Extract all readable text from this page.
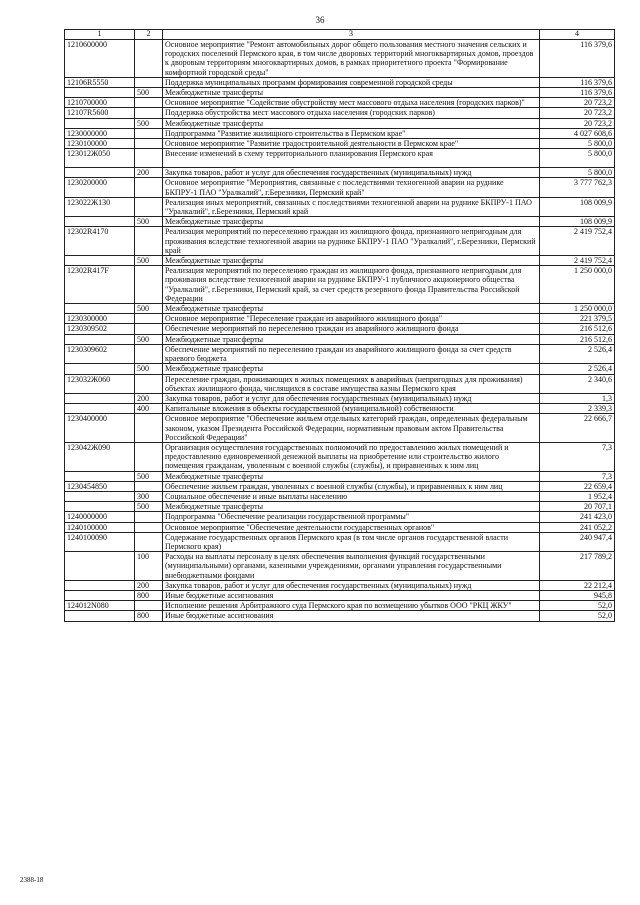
36
1	2	3	4
1210600000		Основное мероприятие "Ремонт автомобильных дорог общего пользования местного значения сельских и городских поселений Пермского края, в том числе дворовых территорий многоквартирных домов, проездов к дворовым территориям многоквартирных домов, в рамках приоритетного проекта "Формирование комфортной городской среды"	116 379,6
12106R5550		Поддержка муниципальных программ формирования современной городской среды	116 379,6
	500	Межбюджетные трансферты	116 379,6
1210700000		Основное мероприятие "Содействие обустройству мест массового отдыха населения (городских парков)"	20 723,2
12107R5600		Поддержка обустройства мест массового отдыха населения (городских парков)	20 723,2
	500	Межбюджетные трансферты	20 723,2
1230000000		Подпрограмма "Развитие жилищного строительства в Пермском крае"	4 027 608,6
1230100000		Основное мероприятие "Развитие градостроительной деятельности в Пермском крае"	5 800,0
123012Ж050		Внесение изменений в схему территориального планирования Пермского края	5 800,0
	200	Закупка товаров, работ и услуг для обеспечения государственных (муниципальных) нужд	5 800,0
1230200000		Основное мероприятие "Мероприятия, связанные с последствиями техногенной аварии на руднике БКПРУ-1 ПАО "Уралкалий", г.Березники, Пермский край"	3 777 762,3
123022Ж130		Реализация иных мероприятий, связанных с последствиями техногенной аварии на руднике БКПРУ-1 ПАО "Уралкалий", г.Березники, Пермский край	108 009,9
	500	Межбюджетные трансферты	108 009,9
12302R4170		Реализация мероприятий по переселению граждан из жилищного фонда, признанного непригодным для проживания вследствие техногенной аварии на руднике БКПРУ-1 ПАО "Уралкалий", г.Березники, Пермский край	2 419 752,4
	500	Межбюджетные трансферты	2 419 752,4
12302R417F		Реализация мероприятий по переселению граждан из жилищного фонда, признанного непригодным для проживания вследствие техногенной аварии на руднике БКПРУ-1 публичного акционерного общества "Уралкалий", г.Березники, Пермский край, за счет средств резервного фонда Правительства Российской Федерации	1 250 000,0
	500	Межбюджетные трансферты	1 250 000,0
1230300000		Основное мероприятие "Переселение граждан из аварийного жилищного фонда"	221 379,5
1230309502		Обеспечение мероприятий по переселению граждан из аварийного жилищного фонда	216 512,6
	500	Межбюджетные трансферты	216 512,6
1230309602		Обеспечение мероприятий по переселению граждан из аварийного жилищного фонда за счет средств краевого бюджета	2 526,4
	500	Межбюджетные трансферты	2 526,4
123032Ж060		Переселение граждан, проживающих в жилых помещениях в аварийных (непригодных для проживания) объектах жилищного фонда, числящихся в составе имущества казны Пермского края	2 340,6
	200	Закупка товаров, работ и услуг для обеспечения государственных (муниципальных) нужд	1,3
	400	Капитальные вложения в объекты государственной (муниципальной) собственности	2 339,3
1230400000		Основное мероприятие "Обеспечение жильем отдельных категорий граждан, определенных федеральным законом, указом Президента Российской Федерации, нормативным правовым актом Правительства Российской Федерации"	22 666,7
123042Ж090		Организация осуществления государственных полномочий по предоставлению жилых помещений и предоставлению единовременной денежной выплаты на приобретение или строительство жилого помещения гражданам, уволенным с военной службы (службы), и приравненных к ним лиц	7,3
	500	Межбюджетные трансферты	7,3
1230454850		Обеспечение жильем граждан, уволенных с военной службы (службы), и приравненных к ним лиц	22 659,4
	300	Социальное обеспечение и иные выплаты населению	1 952,4
	500	Межбюджетные трансферты	20 707,1
1240000000		Подпрограмма "Обеспечение реализации государственной программы"	241 423,0
1240100000		Основное мероприятие "Обеспечение деятельности государственных органов"	241 052,2
1240100090		Содержание государственных органов Пермского края (в том числе органов государственной власти Пермского края)	240 947,4
	100	Расходы на выплаты персоналу в целях обеспечения выполнения функций государственными (муниципальными) органами, казенными учреждениями, органами управления государственными внебюджетными фондами	217 789,2
	200	Закупка товаров, работ и услуг для обеспечения государственных (муниципальных) нужд	22 212,4
	800	Иные бюджетные ассигнования	945,8
124012N080		Исполнение решения Арбитражного суда Пермского края по возмещению убытков ООО "РКЦ ЖКУ"	52,0
	800	Иные бюджетные ассигнования	52,0
2388-18
